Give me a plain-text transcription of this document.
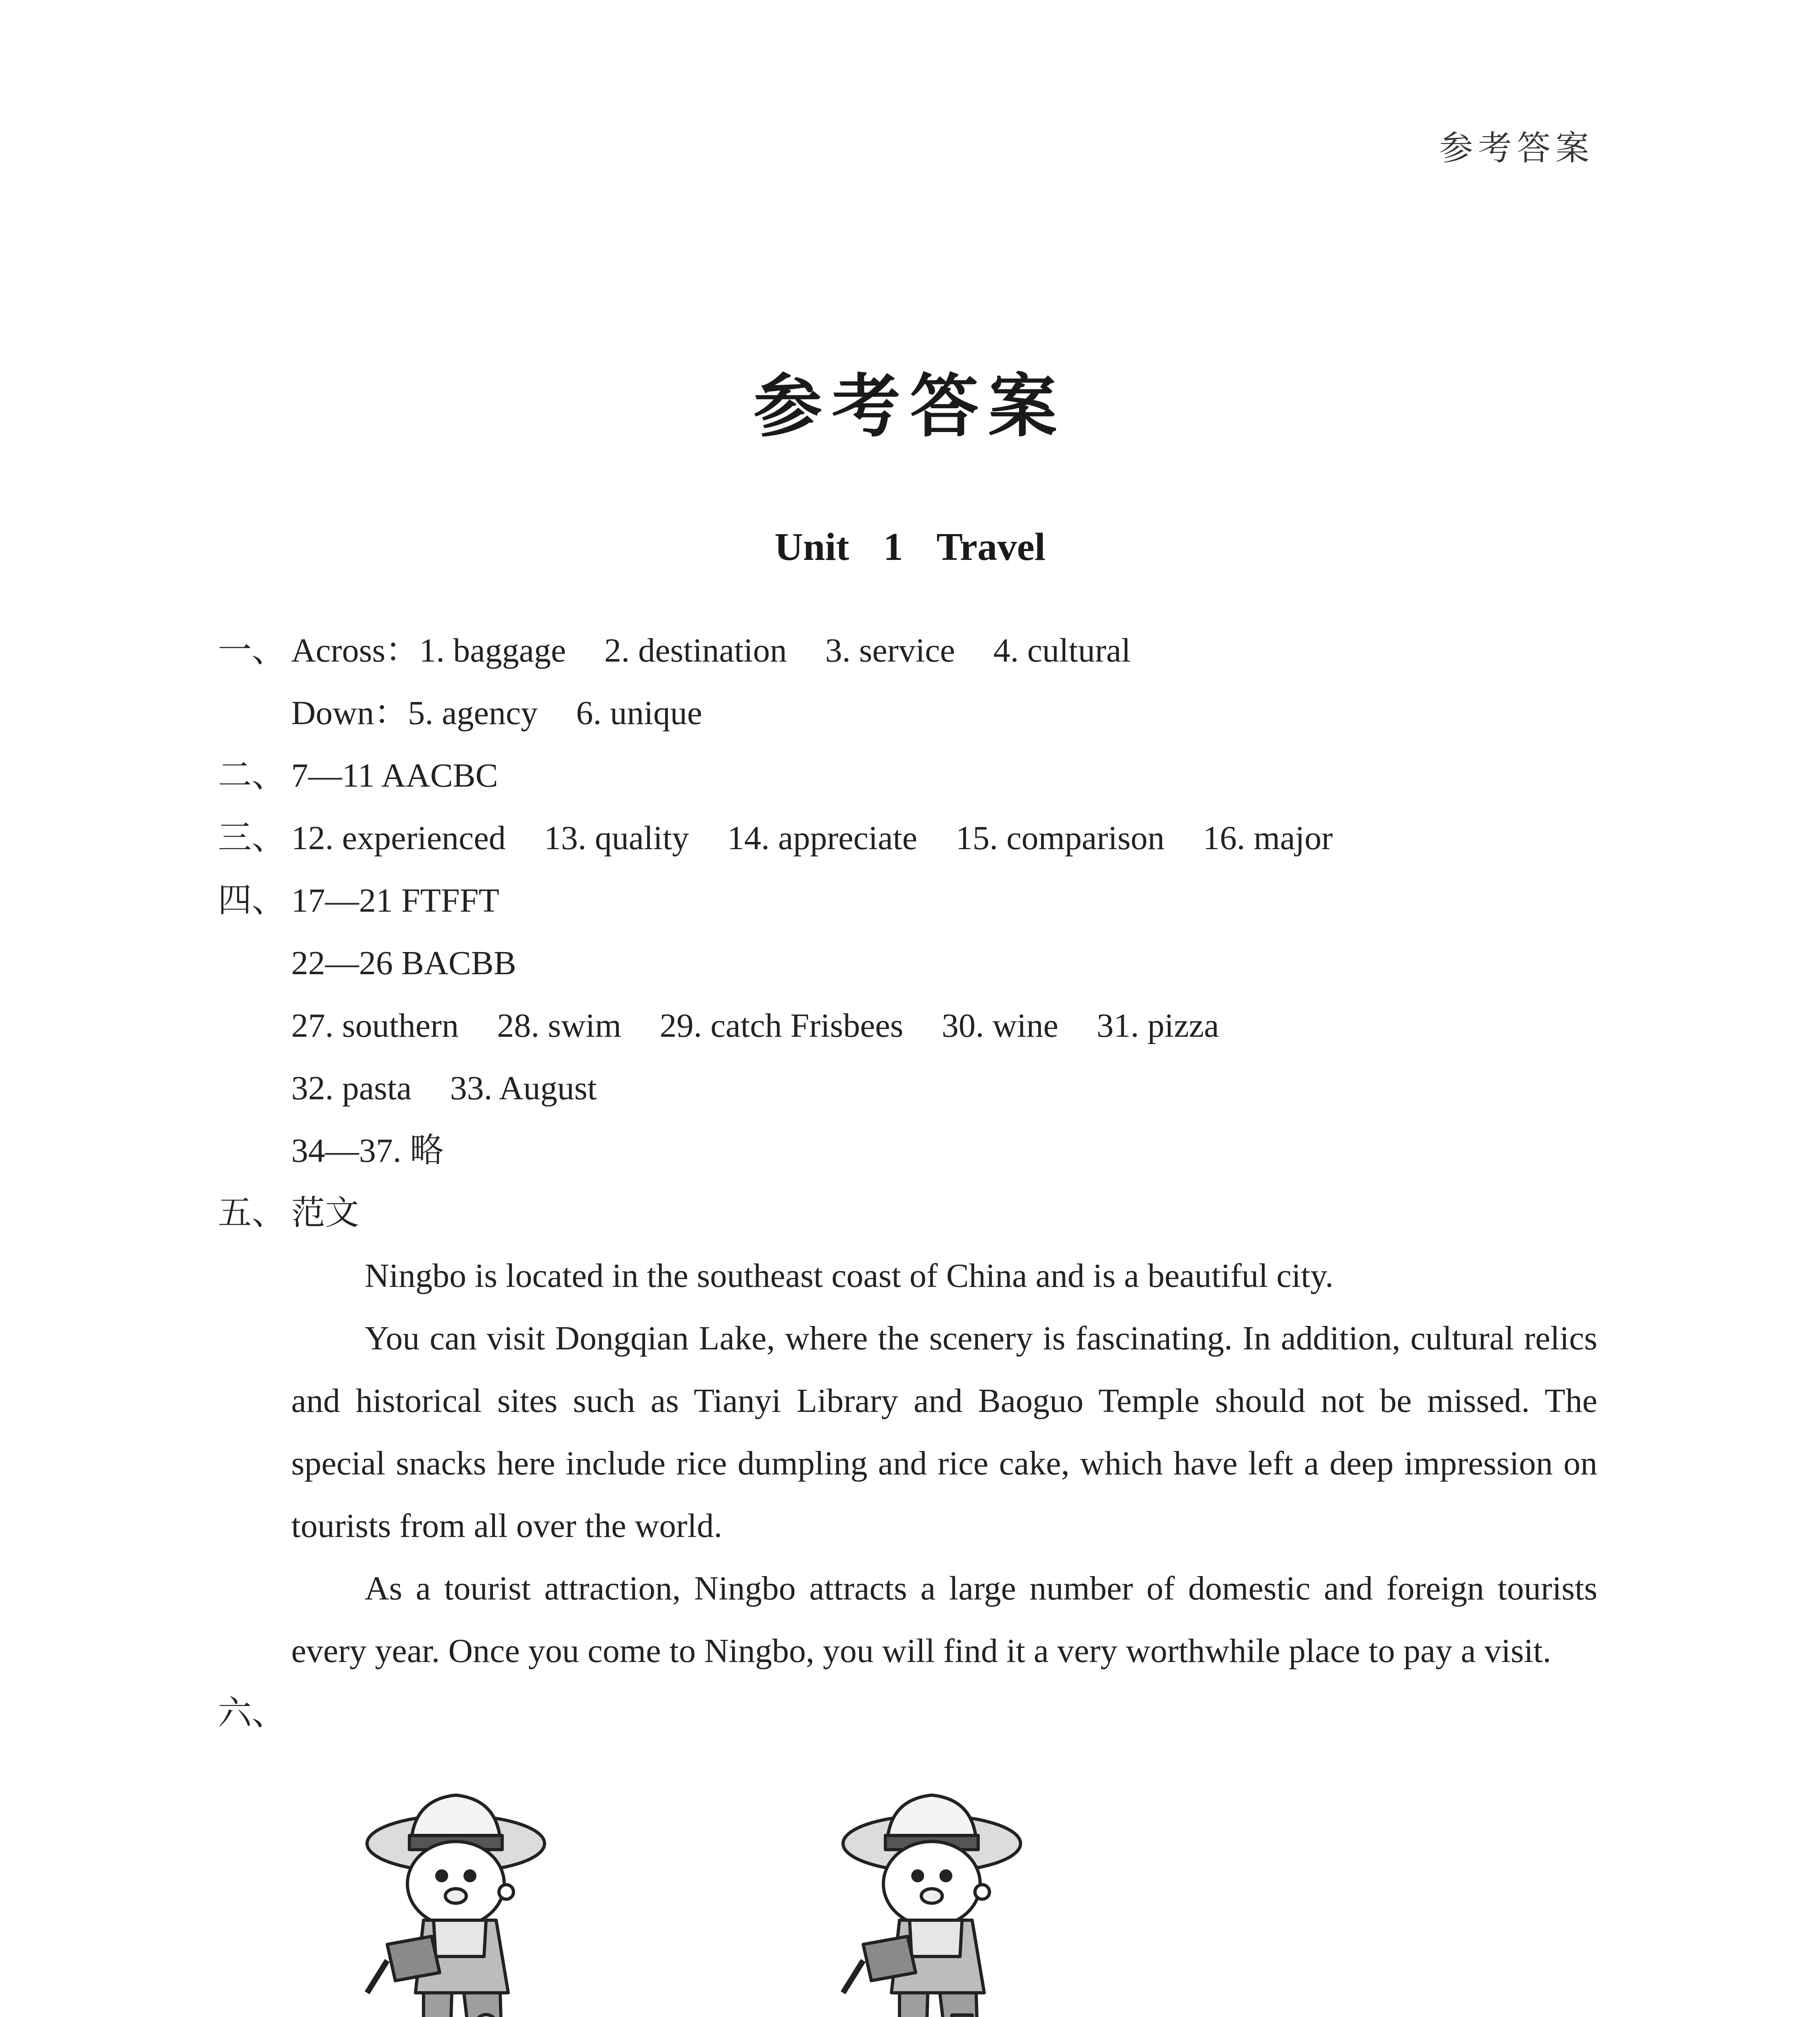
参考答案
参考答案
Unit 1 Travel
一、 Across：1. baggage 2. destination 3. service 4. cultural
Down：5. agency 6. unique
二、 7—11 AACBC
三、 12. experienced 13. quality 14. appreciate 15. comparison 16. major
四、 17—21 FTFFT
22—26 BACBB
27. southern 28. swim 29. catch Frisbees 30. wine 31. pizza
32. pasta 33. August
34—37. 略
五、 范文

Ningbo is located in the southeast coast of China and is a beautiful city.

You can visit Dongqian Lake, where the scenery is fascinating. In addition, cultural relics and historical sites such as Tianyi Library and Baoguo Temple should not be missed. The special snacks here include rice dumpling and rice cake, which have left a deep impression on tourists from all over the world.

As a tourist attraction, Ningbo attracts a large number of domestic and foreign tourists every year. Once you come to Ningbo, you will find it a very worthwhile place to pay a visit.

六、
